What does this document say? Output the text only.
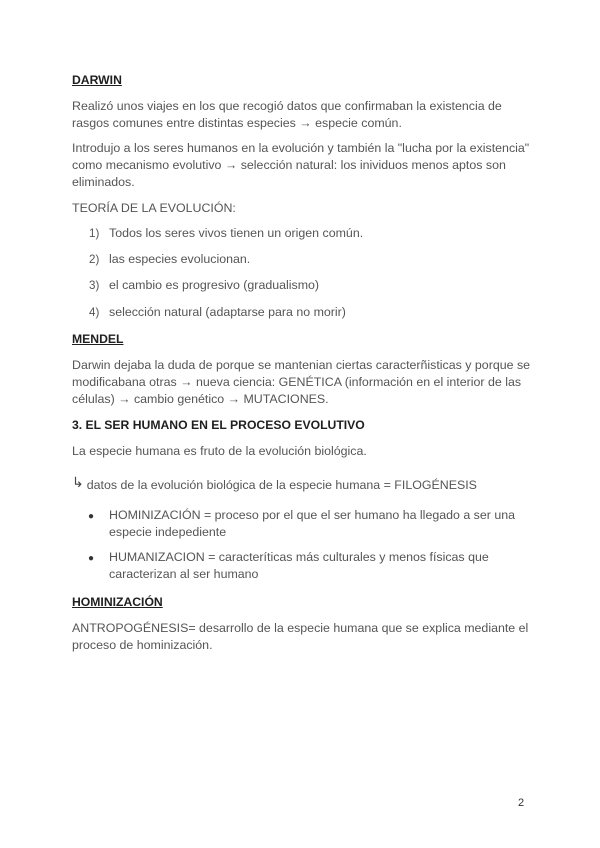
DARWIN
Realizó unos viajes en los que recogió datos que confirmaban la existencia de rasgos comunes entre distintas especies → especie común.
Introdujo a los seres humanos en la evolución y también la "lucha por la existencia" como mecanismo evolutivo → selección natural: los inividuos menos aptos son eliminados.
TEORÍA DE LA EVOLUCIÓN:
1) Todos los seres vivos tienen un origen común.
2) las especies evolucionan.
3) el cambio es progresivo (gradualismo)
4) selección natural (adaptarse para no morir)
MENDEL
Darwin dejaba la duda de porque se mantenian ciertas caracterñisticas y porque se modificabana otras → nueva ciencia: GENÉTICA (información en el interior de las células) → cambio genético → MUTACIONES.
3. EL SER HUMANO EN EL PROCESO EVOLUTIVO
La especie humana es fruto de la evolución biológica.
↳ datos de la evolución biológica de la especie humana = FILOGÉNESIS
● HOMINIZACIÓN = proceso por el que el ser humano ha llegado a ser una especie indepediente
● HUMANIZACION = caracteríticas más culturales y menos físicas que caracterizan al ser humano
HOMINIZACIÓN
ANTROPOGÉNESIS= desarrollo de la especie humana que se explica mediante el proceso de hominización.
2
